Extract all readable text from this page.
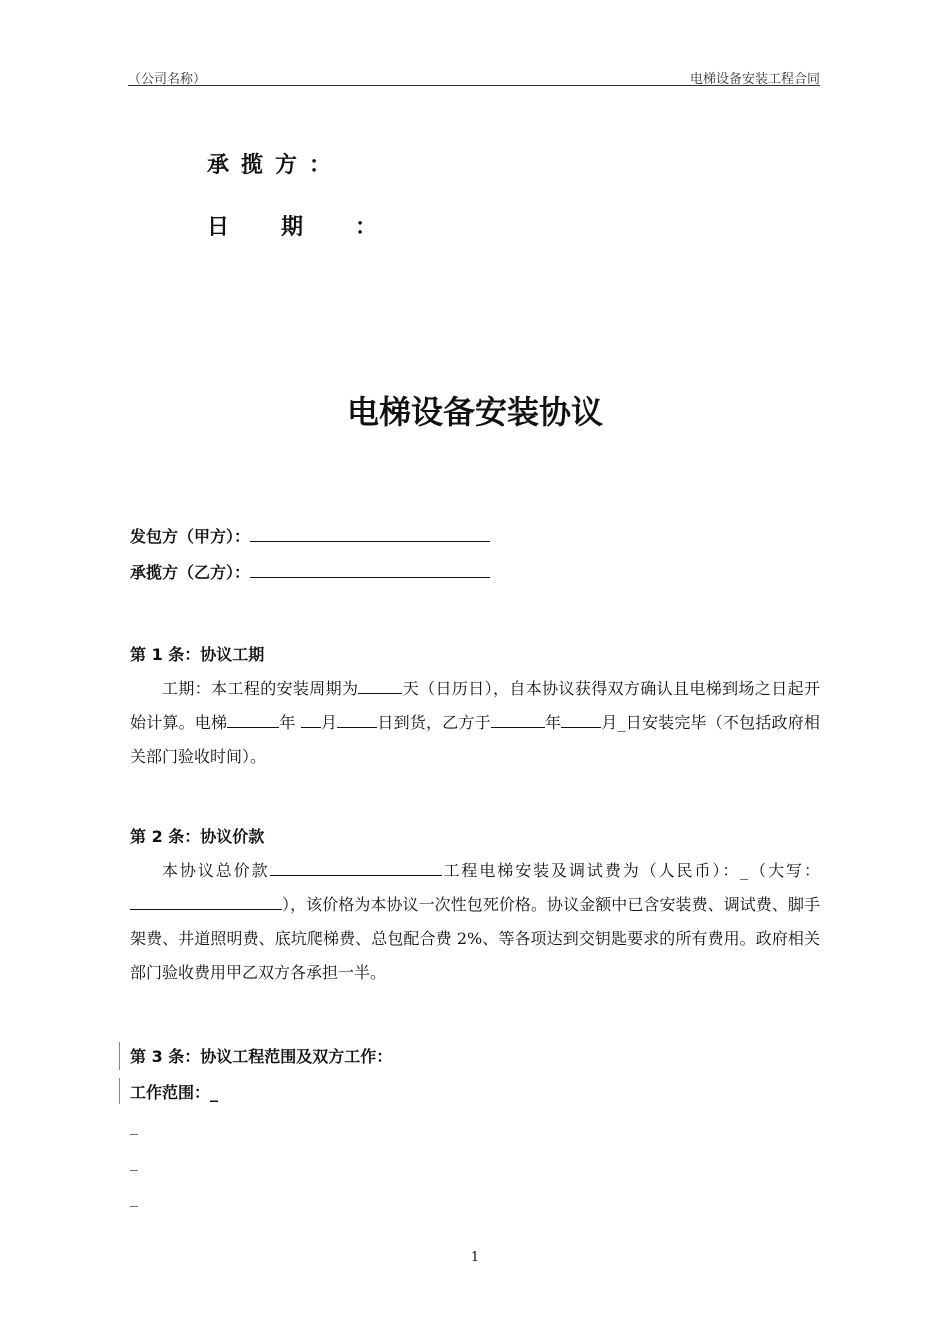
（公司名称）	电梯设备安装工程合同
承揽方：
日期：
电梯设备安装协议
发包方（甲方）：
承揽方（乙方）：
第 1 条：协议工期

工期：本工程的安装周期为	天（日历日），自本协议获得双方确认且电梯到场之日起开始计算。电梯	年 月	日到货，乙方于	年	月_日安装完毕（不包括政府相关部门验收时间）。

第 2 条：协议价款

本协议总价款	工程电梯安装及调试费为（人民币）：_（大写：），该价格为本协议一次性包死价格。协议金额中已含安装费、调试费、脚手架费、井道照明费、底坑爬梯费、总包配合费 2%、等各项达到交钥匙要求的所有费用。政府相关部门验收费用甲乙双方各承担一半。

第 3 条：协议工程范围及双方工作：
工作范围：_
_
_
_
1
